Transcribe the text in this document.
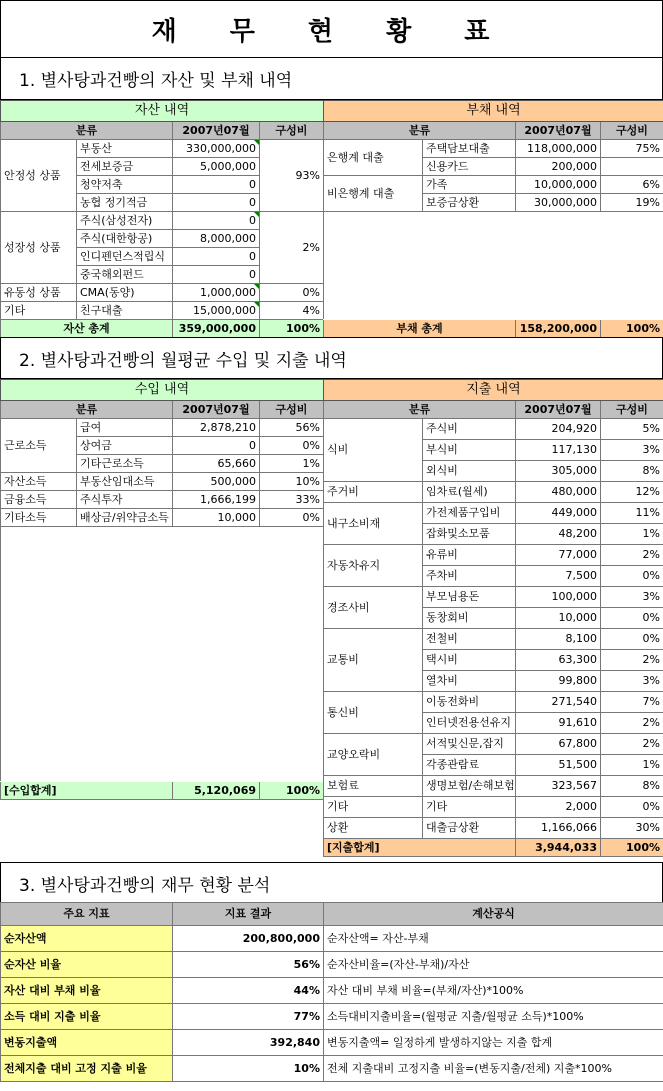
재 무 현 황 표
1. 별사탕과건빵의 자산 및 부채 내역
자산 내역			
분류		2007년07월	구성비
안정성 상품	부동산	330,000,000	93%
	전세보증금	5,000,000	
	청약저축	0	
	농협 정기적금	0	
성장성 상품	주식(삼성전자)	0	2%
	주식(대한항공)	8,000,000	
	인디펜던스적립식	0	
	중국해외펀드	0	
유동성 상품	CMA(동양)	1,000,000	0%
기타	친구대출	15,000,000	4%
자산 총계		359,000,000	100%
부채 내역			
분류		2007년07월	구성비
은행계 대출	주택담보대출	118,000,000	75%
	신용카드	200,000	
비은행계 대출	가족	10,000,000	6%
	보증금상환	30,000,000	19%

부채 총계		158,200,000	100%
2. 별사탕과건빵의 월평균 수입 및 지출 내역
수입 내역			
분류		2007년07월	구성비
근로소득	급여	2,878,210	56%
	상여금	0	0%
	기타근로소득	65,660	1%
자산소득	부동산임대소득	500,000	10%
금융소득	주식투자	1,666,199	33%
기타소득	배상금/위약금소득	10,000	0%

[수입합계]		5,120,069	100%
지출 내역			
분류		2007년07월	구성비
식비	주식비	204,920	5%
	부식비	117,130	3%
	외식비	305,000	8%
주거비	임차료(월세)	480,000	12%
내구소비재	가전제품구입비	449,000	11%
	잡화및소모품	48,200	1%
자동차유지	유류비	77,000	2%
	주차비	7,500	0%
경조사비	부모님용돈	100,000	3%
	동창회비	10,000	0%
교통비	전철비	8,100	0%
	택시비	63,300	2%
	열차비	99,800	3%
통신비	이동전화비	271,540	7%
	인터넷전용선유지	91,610	2%
교양오락비	서적및신문,잡지	67,800	2%
	각종관람료	51,500	1%
보험료	생명보험/손해보험	323,567	8%
기타	기타	2,000	0%
상환	대출금상환	1,166,066	30%
[지출합계]		3,944,033	100%
3. 별사탕과건빵의 재무 현황 분석
주요 지표	지표 결과	계산공식
순자산액	200,800,000	순자산액= 자산-부채
순자산 비율	56%	순자산비율=(자산-부채)/자산
자산 대비 부채 비율	44%	자산 대비 부채 비율=(부채/자산)*100%
소득 대비 지출 비율	77%	소득대비지출비율=(월평균 지출/월평균 소득)*100%
변동지출액	392,840	변동지출액= 일정하게 발생하지않는 지출 합계
전체지출 대비 고정 지출 비율	10%	전체 지출대비 고정지출 비율=(변동지출/전체) 지출*100%
